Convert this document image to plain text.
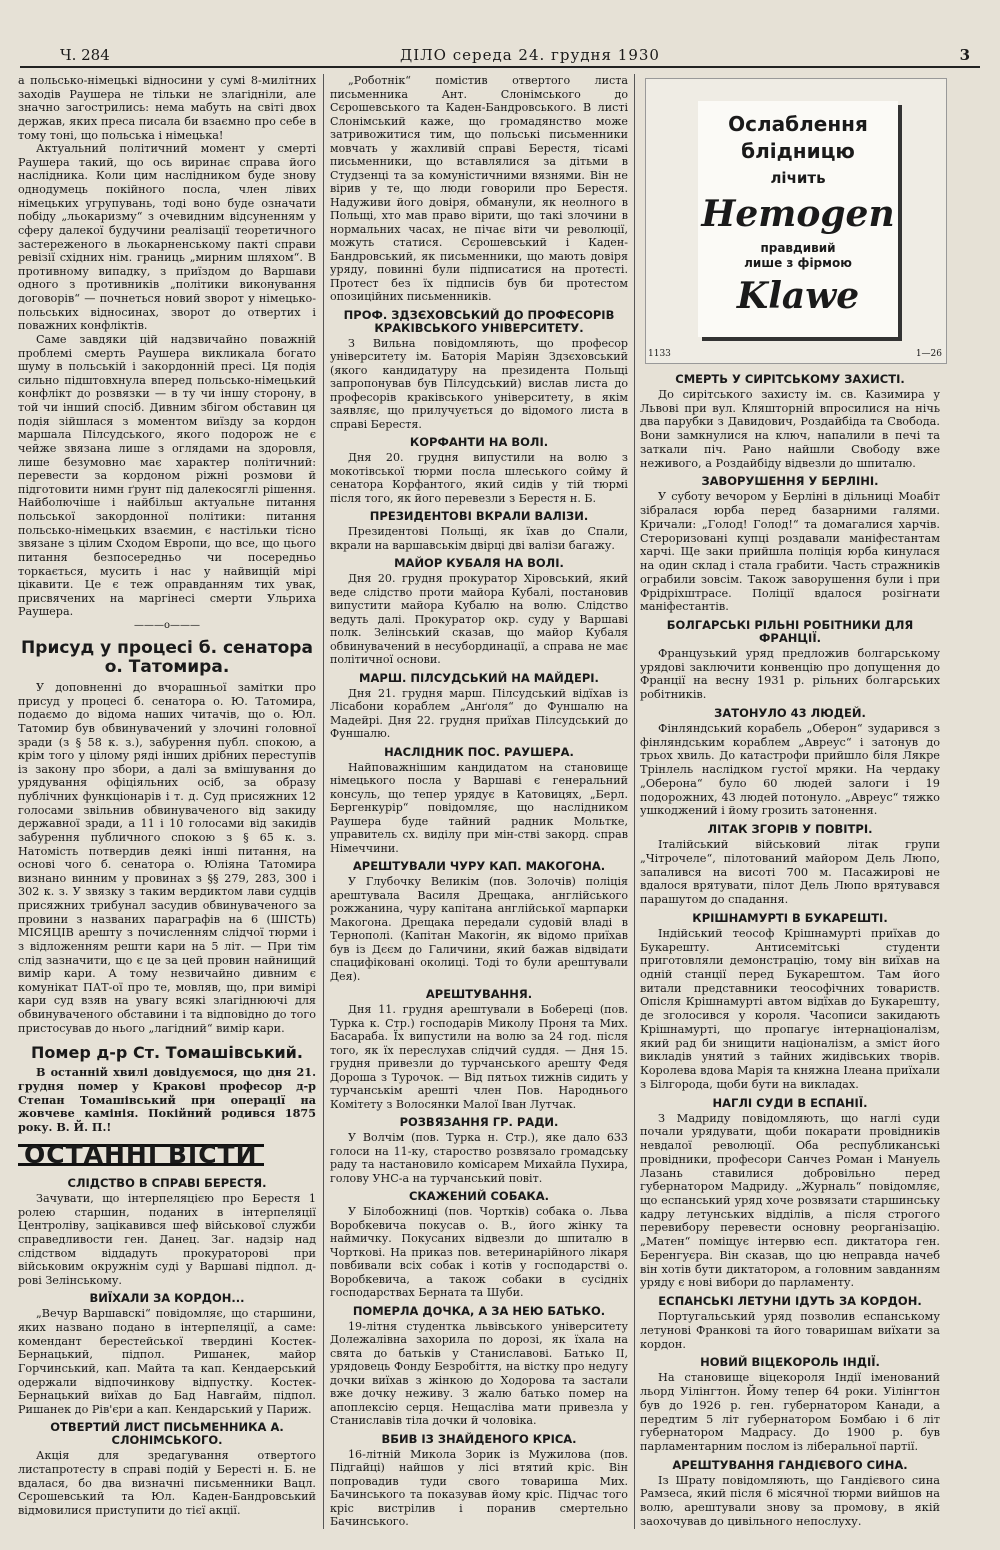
Ч. 284	ДІЛО середа 24. грудня 1930	3

а польсько-німецькі відносини у сумі 8-милітних заходів Раушера не тільки не злагідніли, але значно загострились: нема мабуть на світі двох держав, яких преса писала би взаємно про себе в тому тоні, що польська і німецька!

Актуальний політичний момент у смерті Раушера такий, що ось виринає справа його наслідника. Коли цим наслідником буде знову однодумець покійного посла, член лівих німецьких угрупувань, тоді воно буде означати побіду „льокаризму“ з очевидним відсуненням у сферу далекої будучини реалізації теоретичного застереженого в льокарненському пакті справи ревізії східних нім. границь „мирним шляхом“. В противному випадку, з приїздом до Варшави одного з противників „політики виконування договорів“ — почнеться новий зворот у німецько-польських відносинах, зворот до отвертих і поважних конфліктів.

Саме завдяки цій надзвичайно поважній проблемі смерть Раушера викликала богато шуму в польській і закордонній пресі. Ця подія сильно підштовхнула вперед польсько-німецький конфлікт до розвязки — в ту чи іншу сторону, в той чи інший спосіб. Дивним збігом обставин ця подія зійшлася з моментом виїзду за кордон маршала Пілсудського, якого подорож не є чейже звязана лише з оглядами на здоровля, лише безумовно має характер політичний: перевести за кордоном ріжні розмови й підготовити нимн ґрунт під далекосяглі рішення. Найболючіше і найбільш актуальне питання польської закордонної політики: питання польсько-німецьких взаємин, є настільки тісно звязане з цілим Сходом Европи, що все, що цього питання безпосередньо чи посередньо торкається, мусить і нас у найвищій мірі цікавити. Це є теж оправданням тих увак, присвячених на маргінесі смерти Ульриха Раушера.

———o———
Присуд у процесі б. сенатора о. Татомира.

У доповненні до вчорашньої замітки про присуд у процесі б. сенатора о. Ю. Татомира, подаємо до відома наших читачів, що о. Юл. Татомир був обвинувачений у злочині головної зради (з § 58 к. з.), забурення публ. спокою, а крім того у цілому ряді інших дрібних переступів із закону про збори, а далі за вмішування до урядування офіціяльних осіб, за образу публічних функціонарів і т. д. Суд присяжних 12 голосами звільнив обвинуваченого від закиду державної зради, а 11 і 10 голосами від закидів забурення публичного спокою з § 65 к. з. Натомість потвердив деякі інші питання, на основі чого б. сенатора о. Юліяна Татомира визнано винним у провинах з §§ 279, 283, 300 і 302 к. з. У звязку з таким вердиктом лави судців присяжних трибунал засудив обвинуваченого за провини з названих параграфів на 6 (ШІСТЬ) МІСЯЦІВ арешту з почисленням слідчої тюрми і з відложенням решти кари на 5 літ. — При тім слід зазначити, що є це за цей провин найнищий вимір кари. А тому незвичайно дивним є комунікат ПАТ-ої про те, мовляв, що, при вимірі кари суд взяв на увагу всякі злагіднюючі для обвинуваченого обставини і та відповідно до того пристосував до нього „лагідний“ вимір кари.

Помер д-р Ст. Томашівський.

В останній хвилі довідуємося, що дня 21. грудня помер у Кракові професор д-р Степан Томашівський при операції на жовчеве камінія. Покійний родився 1875 року. В. Й. П.!

ОСТАННІ ВІСТИ
СЛІДСТВО В СПРАВІ БЕРЕСТЯ.

Зачувати, що інтерпеляцією про Берестя 1 ролею старшин, поданих в інтерпеляції Центроліву, зацікавився шеф військової служби справедливости ген. Данец. Заг. надзір над слідством віддадуть прокураторові при військовим окружнім суді у Варшаві підпол. д-рові Зелінському.

ВИЇХАЛИ ЗА КОРДОН...

„Вечур Варшавскі“ повідомляє, що старшини, яких названо подано в інтерпеляції, а саме: комендант берестейської твердині Костек-Бернацький, підпол. Ришанек, майор Горчинський, кап. Майта та кап. Кендаерський одержали відпочинкову відпустку. Костек-Бернацький виїхав до Бад Навгайм, підпол. Ришанек до Рів'єри а кап. Кендарський у Париж.

ОТВЕРТИЙ ЛИСТ ПИСЬМЕННИКА А. СЛОНІМСЬКОГО.

Акція для зредагування отвертого листапротесту в справі подій у Бересті н. Б. не вдалася, бо два визначні письменники Вацл. Сєрошевський та Юл. Каден-Бандровський відмовилися приступити до тієї акції.

„Роботнік“ помістив отвертого листа письменника Ант. Слонімського до Сєрошевського та Каден-Бандровського. В листі Слонімський каже, що громадянство може затривожитися тим, що польські письменники мовчать у жахливій справі Берестя, тісамі письменники, що вставлялися за дітьми в Студзенці та за комуністичними вязнями. Він не вірив у те, що люди говорили про Берестя. Надуживи його довіря, обманули, як неолного в Польщі, хто мав право вірити, що такі злочини в нормальних часах, не пічає віти чи революції, можуть статися. Сєрошевський і Каден-Бандровський, як письменники, що мають довіря уряду, повинні були підписатися на протесті. Протест без їх підписів був би протестом опозиційних письменників.

ПРОФ. ЗДЗЄХОВСЬКИЙ ДО ПРОФЕСОРІВ КРАКІВСЬКОГО УНІВЕРСИТЕТУ.

З Вильна повідомляють, що професор університету ім. Баторія Маріян Здзєховський (якого кандидатуру на президента Польщі запропонував був Пілсудський) вислав листа до професорів краківського університету, в якім заявляє, що прилучується до відомого листа в справі Берестя.

КОРФАНТИ НА ВОЛІ.

Дня 20. грудня випустили на волю з мокотівської тюрми посла шлеського сойму й сенатора Корфантого, який сидів у тій тюрмі після того, як його перевезли з Берестя н. Б.

ПРЕЗИДЕНТОВІ ВКРАЛИ ВАЛІЗИ.

Президентові Польщі, як їхав до Спали, вкрали на варшавськім двірці дві валізи багажу.

МАЙОР КУБАЛЯ НА ВОЛІ.

Дня 20. грудня прокуратор Хіровський, який веде слідство проти майора Кубалі, постановив випустити майора Кубалю на волю. Слідство ведуть далі. Прокуратор окр. суду у Варшаві полк. Зелінський сказав, що майор Кубаля обвинувачений в несубординації, а справа не має політичної основи.

МАРШ. ПІЛСУДСЬКИЙ НА МАЙДЕРІ.

Дня 21. грудня марш. Пілсудський відїхав із Лісабони кораблем „Анґоля“ до Фуншалю на Мадейрі. Дня 22. грудня приїхав Пілсудський до Фуншалю.

НАСЛІДНИК ПОС. РАУШЕРА.

Найповажнішим кандидатом на становище німецького посла у Варшаві є генеральний консуль, що тепер урядує в Катовицях, „Берл. Бергенкурір“ повідомляє, що наслідником Раушера буде тайний радник Мольтке, управитель сх. виділу при мін-стві закорд. справ Німеччини.

АРЕШТУВАЛИ ЧУРУ КАП. МАКОГОНА.

У Глубочку Великім (пов. Золочів) поліція арештувала Василя Дрещака, англійського рожжанина, чуру капітана англійської марпарки Макогона. Дрещака передали судовій владі в Тернополі. (Капітан Макогін, як відомо приїхав був із Дєєм до Галичини, який бажав відвідати спацифіковані околиці. Тоді то були арештували Дея).

АРЕШТУВАННЯ.

Дня 11. грудня арештували в Бобереці (пов. Турка к. Стр.) господарів Миколу Проня та Мих. Басараба. Їх випустили на волю за 24 год. після того, як їх переслухав слідчий суддя. — Дня 15. грудня привезли до турчанського арешту Федя Дороша з Турочок. — Від пятьох тижнів сидить у турчанськім арешті член Пов. Народнього Комітету з Волосянки Малої Іван Лутчак.

РОЗВЯЗАННЯ ГР. РАДИ.

У Волчім (пов. Турка н. Стр.), яке дало 633 голоси на 11-ку, староство розвязало громадську раду та настановило комісарем Михайла Пухира, голову УНС-а на турчанський повіт.

СКАЖЕНИЙ СОБАКА.

У Білобожниці (пов. Чортків) собака о. Льва Воробкевича покусав о. В., його жінку та наймичку. Покусаних відвезли до шпиталю в Чорткові. На приказ пов. ветеринарійного лікаря повбивали всіх собак і котів у господарстві о. Воробкевича, а також собаки в сусідніх господарствах Берната та Шуби.

ПОМЕРЛА ДОЧКА, А ЗА НЕЮ БАТЬКО.

19-літня студентка львівського університету Долежалівна захорила по дорозі, як їхала на свята до батьків у Станиславові. Батько ІІ, урядовець Фонду Безробіття, на вістку про недугу дочки виїхав з жінкою до Ходорова та застали вже дочку неживу. З жалю батько помер на апоплексію серця. Нещасліва мати привезла у Станиславів тіла дочки й чоловіка.

ВБИВ ІЗ ЗНАЙДЕНОГО КРІСА.

16-літній Микола Зорик із Мужилова (пов. Підгайці) найшов у лісі втятий кріс. Він попровадив туди свого товариша Мих. Бачинського та показував йому кріс. Підчас того кріс вистрілив і поранив смертельно Бачинського.

Ослаблення
блідницю
лічить
Hemogen
правдивий
лише з фірмою
Klawe
1133	1—26
СМЕРТЬ У СИРІТСЬКОМУ ЗАХИСТІ.

До сирітського захисту ім. св. Казимира у Львові при вул. Кляшторній впросилися на нічь два парубки з Давидович, Роздайбіда та Свобода. Вони замкнулися на ключ, напалили в печі та заткали піч. Рано найшли Свободу вже неживого, а Роздайбіду відвезли до шпиталю.

ЗАВОРУШЕННЯ У БЕРЛІНІ.

У суботу вечором у Берліні в дільниці Моабіт зібралася юрба перед базарними галями. Кричали: „Голод! Голод!“ та домагалися харчів. Стероризовані купці роздавали маніфестантам харчі. Ще заки прийшла поліція юрба кинулася на один склад і стала грабити. Часть стражників ограбили зовсім. Також заворушення були і при Фрідріхштрасе. Поліції вдалося розігнати маніфестантів.

БОЛГАРСЬКІ РІЛЬНІ РОБІТНИКИ ДЛЯ ФРАНЦІЇ.

Французький уряд предложив болгарському урядові заключити конвенцію про допущення до Франції на весну 1931 р. рільних болгарських робітників.

ЗАТОНУЛО 43 ЛЮДЕЙ.

Фінляндський корабель „Оберон“ зударився з фінляндським кораблем „Авреус“ і затонув до трьох хвиль. До катастрофи прийшло біля Лякре Трінлель наслідком густої мряки. На чердаку „Оберона“ було 60 людей залоги і 19 подорожних, 43 людей потонуло. „Авреус“ тяжко ушкоджений і йому грозить затонення.

ЛІТАК ЗГОРІВ У ПОВІТРІ.

Італійський військовий літак групи „Чітрочеле“, пілотований майором Дель Люпо, запалився на висоті 700 м. Пасажирові не вдалося врятувати, пілот Дель Люпо врятувався парашутом до спадання.

КРІШНАМУРТІ В БУКАРЕШТІ.

Індійський теософ Крішнамурті приїхав до Букарешту. Антисемітські студенти приготовляли демонстрацію, тому він виїхав на одній станції перед Букарештом. Там його витали представники теософічних товариств. Опісля Крішнамурті автом відїхав до Букарешту, де зголосився у короля. Часописи закидають Крішнамурті, що пропагує інтернаціоналізм, який рад би знищити націоналізм, а зміст його викладів унятий з тайних жидівських творів. Королева вдова Марія та княжна Ілеана приїхали з Білгорода, щоби бути на викладах.

НАГЛІ СУДИ В ЕСПАНІЇ.

З Мадриду повідомляють, що наглі суди почали урядувати, щоби покарати провідників невдалої революції. Оба республиканські провідники, професори Санчез Роман і Мануель Лазань ставилися добровільно перед губернатором Мадриду. „Журналь“ повідомляє, що еспанський уряд хоче розвязати старшинську кадру летунських відділів, а після строгого перевибору перевести основну реорганізацію. „Матен“ поміщує інтервю есп. диктатора ген. Беренгуєра. Він сказав, що цю неправда начеб він хотів бути диктатором, а головним завданням уряду є нові вибори до парламенту.

ЕСПАНСЬКІ ЛЕТУНИ ІДУТЬ ЗА КОРДОН.

Португальський уряд позволив еспанському летунові Франкові та його товаришам виїхати за кордон.

НОВИЙ ВІЦЕКОРОЛЬ ІНДІЇ.

На становище віцекороля Індії іменований льорд Уілінгтон. Йому тепер 64 роки. Уілінгтон був до 1926 р. ген. губернатором Канади, а передтим 5 літ губернатором Бомбаю і 6 літ губернатором Мадрасу. До 1900 р. був парламентарним послом із ліберальної партії.

АРЕШТУВАННЯ ГАНДІЄВОГО СИНА.

Із Шрату повідомляють, що Гандієвого сина Рамзеса, який після 6 місячної тюрми вийшов на волю, арештували знову за промову, в якій заохочував до цивільного непослуху.
